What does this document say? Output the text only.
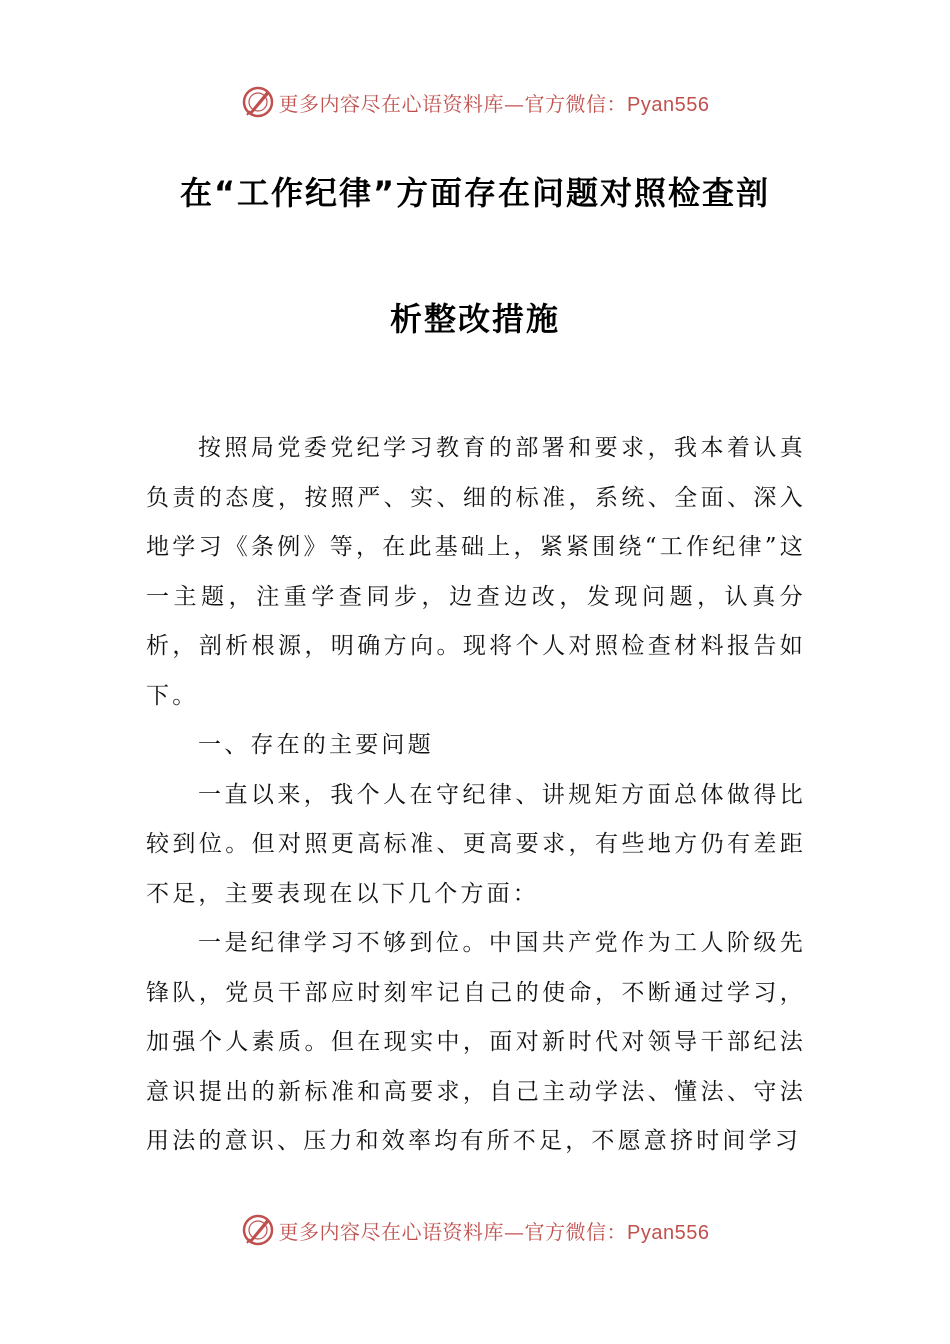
更多内容尽在心语资料库—官方微信：Pyan556
在“工作纪律”方面存在问题对照检查剖
析整改措施

按照局党委党纪学习教育的部署和要求，我本着认真负责的态度，按照严、实、细的标准，系统、全面、深入地学习《条例》等，在此基础上，紧紧围绕“工作纪律”这一主题，注重学查同步，边查边改，发现问题，认真分析，剖析根源，明确方向。现将个人对照检查材料报告如下。

一、存在的主要问题

一直以来，我个人在守纪律、讲规矩方面总体做得比较到位。但对照更高标准、更高要求，有些地方仍有差距不足，主要表现在以下几个方面：

一是纪律学习不够到位。中国共产党作为工人阶级先锋队，党员干部应时刻牢记自己的使命，不断通过学习，加强个人素质。但在现实中，面对新时代对领导干部纪法意识提出的新标准和高要求，自己主动学法、懂法、守法用法的意识、压力和效率均有所不足，不愿意挤时间学习

更多内容尽在心语资料库—官方微信：Pyan556
